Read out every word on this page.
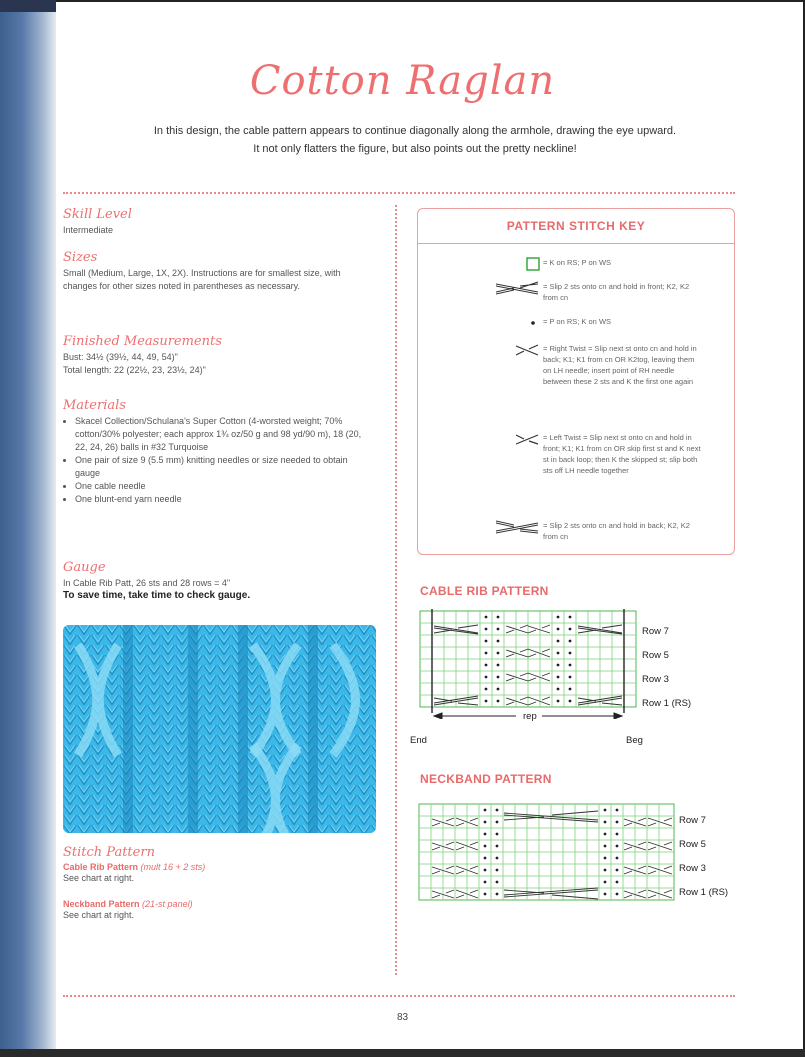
Cotton Raglan
In this design, the cable pattern appears to continue diagonally along the armhole, drawing the eye upward.
It not only flatters the figure, but also points out the pretty neckline!
Skill Level
Intermediate
Sizes
Small (Medium, Large, 1X, 2X). Instructions are for smallest size, with changes for other sizes noted in parentheses as necessary.
Finished Measurements
Bust: 34½ (39½, 44, 49, 54)"
Total length: 22 (22½, 23, 23½, 24)"
Materials
• Skacel Collection/Schulana's Super Cotton (4-worsted weight; 70% cotton/30% polyester; each approx 1¾ oz/50 g and 98 yd/90 m), 18 (20, 22, 24, 26) balls in #32 Turquoise
• One pair of size 9 (5.5 mm) knitting needles or size needed to obtain gauge
• One cable needle
• One blunt-end yarn needle
Gauge
In Cable Rib Patt, 26 sts and 28 rows = 4"
To save time, take time to check gauge.
Stitch Pattern
Cable Rib Pattern (mult 16 + 2 sts)
See chart at right.
Neckband Pattern (21-st panel)
See chart at right.
PATTERN STITCH KEY
= K on RS; P on WS
= Slip 2 sts onto cn and hold in front; K2, K2 from cn
= P on RS; K on WS
= Right Twist = Slip next st onto cn and hold in back; K1; K1 from cn OR K2tog, leaving them on LH needle; insert point of RH needle between these 2 sts and K the first one again
= Left Twist = Slip next st onto cn and hold in front; K1; K1 from cn OR skip first st and K next st in back loop; then K the skipped st; slip both sts off LH needle together
= Slip 2 sts onto cn and hold in back; K2, K2 from cn
CABLE RIB PATTERN
Row 7
Row 5
Row 3
Row 1 (RS)
rep
End	Beg
NECKBAND PATTERN
Row 7
Row 5
Row 3
Row 1 (RS)
83
